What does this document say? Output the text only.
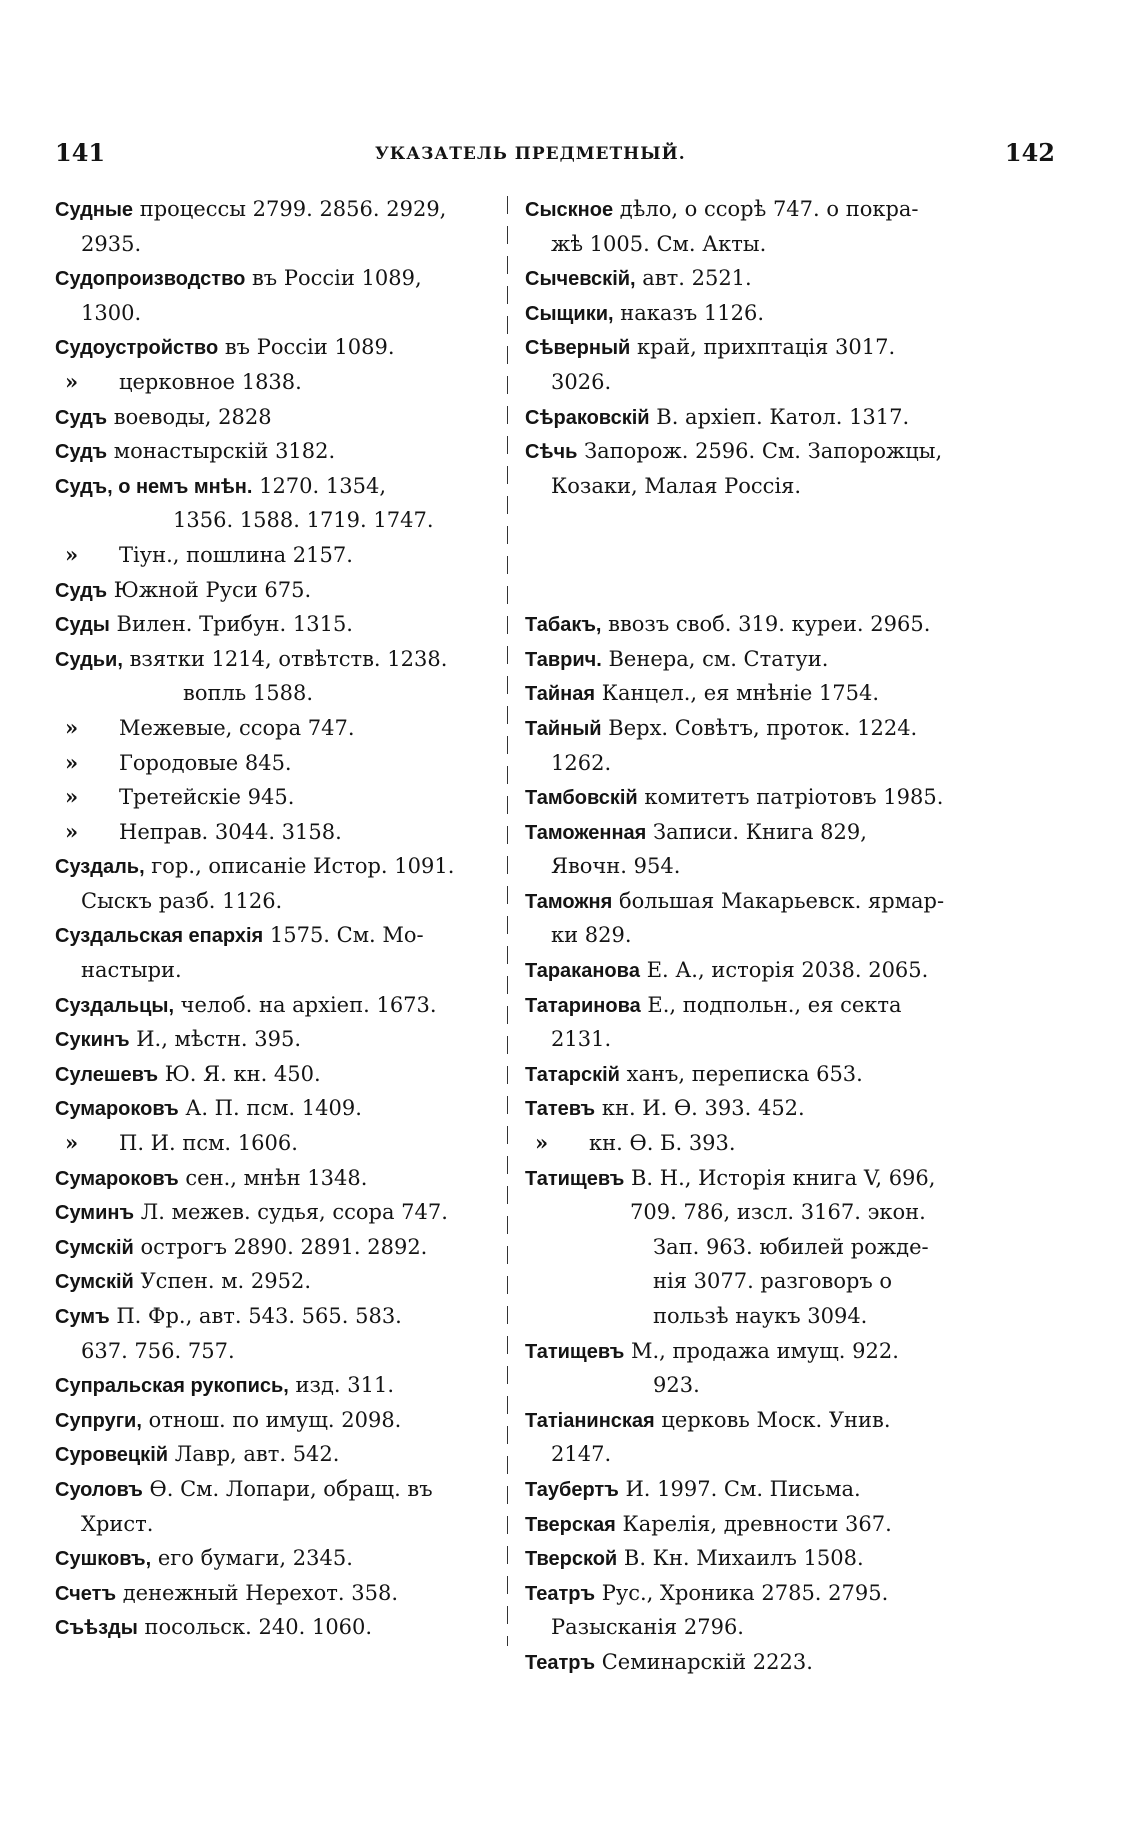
141	УКАЗАТЕЛЬ ПРЕДМЕТНЫЙ.	142
Судные процессы 2799. 2856. 2929,
2935.
Судопроизводство въ Россіи 1089,
1300.
Судоустройство въ Россіи 1089.
» церковное 1838.
Судъ воеводы, 2828
Судъ монастырскій 3182.
Судъ, о немъ мнѣн. 1270. 1354,
1356. 1588. 1719. 1747.
» Тіун., пошлина 2157.
Судъ Южной Руси 675.
Суды Вилен. Трибун. 1315.
Судьи, взятки 1214, отвѣтств. 1238.
вопль 1588.
» Межевые, ссора 747.
» Городовые 845.
» Третейскіе 945.
» Неправ. 3044. 3158.
Суздаль, гор., описаніе Истор. 1091.
Сыскъ разб. 1126.
Суздальская епархія 1575. См. Мо-
настыри.
Суздальцы, челоб. на архіеп. 1673.
Сукинъ И., мѣстн. 395.
Сулешевъ Ю. Я. кн. 450.
Сумароковъ А. П. псм. 1409.
» П. И. псм. 1606.
Сумароковъ сен., мнѣн 1348.
Суминъ Л. межев. судья, ссора 747.
Сумскій острогъ 2890. 2891. 2892.
Сумскій Успен. м. 2952.
Сумъ П. Фр., авт. 543. 565. 583.
637. 756. 757.
Супральская рукопись, изд. 311.
Супруги, отнош. по имущ. 2098.
Суровецкій Лавр, авт. 542.
Суоловъ Ө. См. Лопари, обращ. въ
Христ.
Сушковъ, его бумаги, 2345.
Счетъ денежный Нерехот. 358.
Съѣзды посольск. 240. 1060.
Сыскное дѣло, о ссорѣ 747. о покра-
жѣ 1005. См. Акты.
Сычевскій, авт. 2521.
Сыщики, наказъ 1126.
Сѣверный край, прихптація 3017.
3026.
Сѣраковскій В. архіеп. Катол. 1317.
Сѣчь Запорож. 2596. См. Запорожцы,
Козаки, Малая Россія.
Табакъ, ввозъ своб. 319. куреи. 2965.
Таврич. Венера, см. Статуи.
Тайная Канцел., ея мнѣніе 1754.
Тайный Верх. Совѣтъ, проток. 1224.
1262.
Тамбовскій комитетъ патріотовъ 1985.
Таможенная Записи. Книга 829,
Явочн. 954.
Таможня большая Макарьевск. ярмар-
ки 829.
Таракановa Е. А., исторія 2038. 2065.
Татаринова Е., подпольн., ея секта
2131.
Татарскій ханъ, переписка 653.
Татевъ кн. И. Ө. 393. 452.
» кн. Ө. Б. 393.
Татищевъ В. Н., Исторія книга V, 696,
709. 786, изсл. 3167. экон.
Зап. 963. юбилей рожде-
нія 3077. разговоръ о
пользѣ наукъ 3094.
Татищевъ М., продажа имущ. 922.
923.
Татіанинская церковь Моск. Унив.
2147.
Таубертъ И. 1997. См. Письма.
Тверская Карелія, древности 367.
Тверской В. Кн. Михаилъ 1508.
Театръ Рус., Хроника 2785. 2795.
Разысканія 2796.
Театръ Семинарскій 2223.
